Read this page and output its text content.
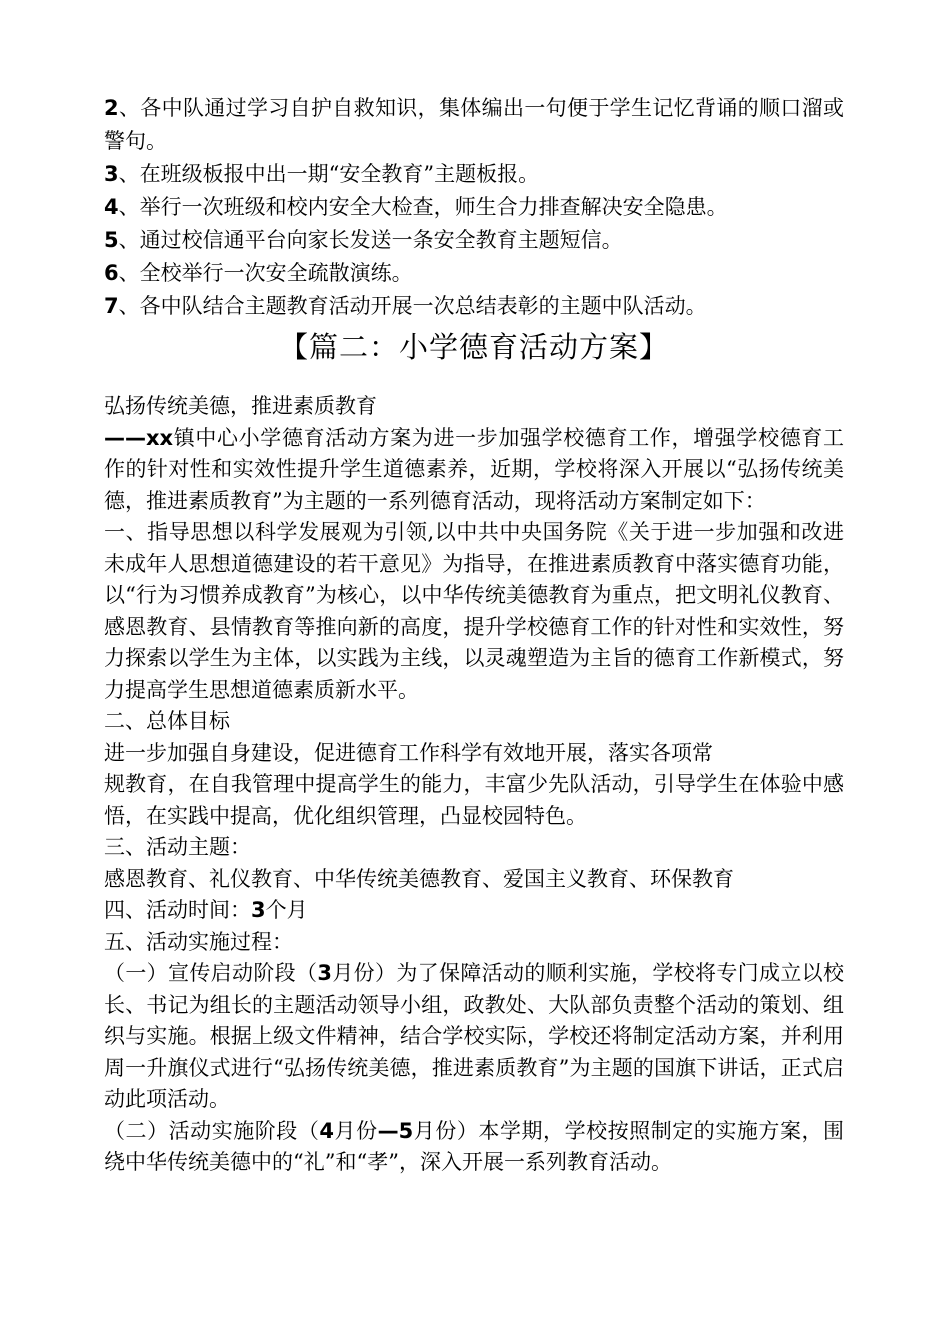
2、各中队通过学习自护自救知识，集体编出一句便于学生记忆背诵的顺口溜或警句。

3、在班级板报中出一期“安全教育”主题板报。

4、举行一次班级和校内安全大检查，师生合力排查解决安全隐患。

5、通过校信通平台向家长发送一条安全教育主题短信。

6、全校举行一次安全疏散演练。

7、各中队结合主题教育活动开展一次总结表彰的主题中队活动。

【篇二：小学德育活动方案】

弘扬传统美德，推进素质教育

——xx镇中心小学德育活动方案为进一步加强学校德育工作，增强学校德育工作的针对性和实效性提升学生道德素养，近期，学校将深入开展以“弘扬传统美德，推进素质教育”为主题的一系列德育活动，现将活动方案制定如下：

一、指导思想以科学发展观为引领,以中共中央国务院《关于进一步加强和改进未成年人思想道德建设的若干意见》为指导，在推进素质教育中落实德育功能，以“行为习惯养成教育”为核心，以中华传统美德教育为重点，把文明礼仪教育、感恩教育、县情教育等推向新的高度，提升学校德育工作的针对性和实效性，努力探索以学生为主体，以实践为主线，以灵魂塑造为主旨的德育工作新模式，努力提高学生思想道德素质新水平。

二、总体目标

进一步加强自身建设，促进德育工作科学有效地开展，落实各项常

规教育，在自我管理中提高学生的能力，丰富少先队活动，引导学生在体验中感悟，在实践中提高，优化组织管理，凸显校园特色。

三、活动主题：

感恩教育、礼仪教育、中华传统美德教育、爱国主义教育、环保教育

四、活动时间：3个月

五、活动实施过程：

（一）宣传启动阶段（3月份）为了保障活动的顺利实施，学校将专门成立以校长、书记为组长的主题活动领导小组，政教处、大队部负责整个活动的策划、组织与实施。根据上级文件精神，结合学校实际，学校还将制定活动方案，并利用周一升旗仪式进行“弘扬传统美德，推进素质教育”为主题的国旗下讲话，正式启动此项活动。

（二）活动实施阶段（4月份—5月份）本学期，学校按照制定的实施方案，围绕中华传统美德中的“礼”和“孝”，深入开展一系列教育活动。
